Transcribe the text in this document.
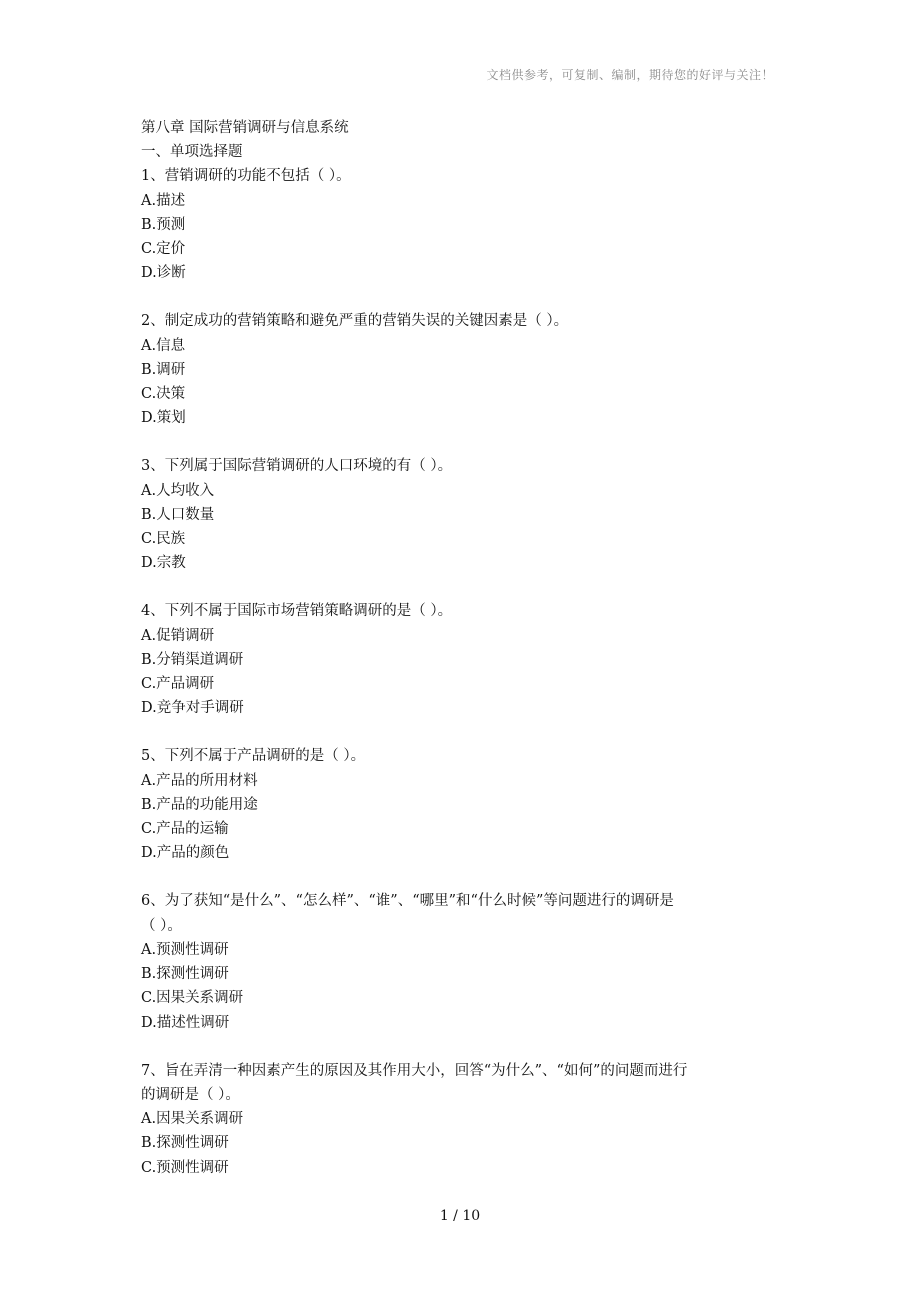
文档供参考，可复制、编制，期待您的好评与关注！
第八章 国际营销调研与信息系统
一、单项选择题
1、营销调研的功能不包括（ ）。
A.描述
B.预测
C.定价
D.诊断
2、制定成功的营销策略和避免严重的营销失误的关键因素是（ ）。
A.信息
B.调研
C.决策
D.策划
3、下列属于国际营销调研的人口环境的有（ ）。
A.人均收入
B.人口数量
C.民族
D.宗教
4、下列不属于国际市场营销策略调研的是（ ）。
A.促销调研
B.分销渠道调研
C.产品调研
D.竞争对手调研
5、下列不属于产品调研的是（ ）。
A.产品的所用材料
B.产品的功能用途
C.产品的运输
D.产品的颜色
6、为了获知“是什么”、“怎么样”、“谁”、“哪里”和“什么时候”等问题进行的调研是
（ ）。
A.预测性调研
B.探测性调研
C.因果关系调研
D.描述性调研
7、旨在弄清一种因素产生的原因及其作用大小，回答“为什么”、“如何”的问题而进行
的调研是（ ）。
A.因果关系调研
B.探测性调研
C.预测性调研
1 / 10
